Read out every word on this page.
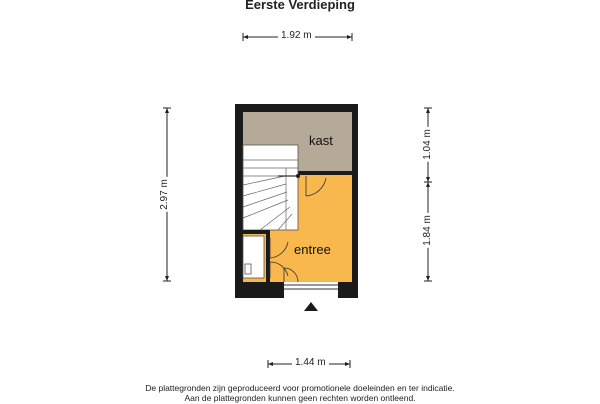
Eerste Verdieping
1.92 m
1.44 m
2.97 m
1.04 m
1.84 m
kast
entree
De plattegronden zijn geproduceerd voor promotionele doeleinden en ter indicatie.
Aan de plattegronden kunnen geen rechten worden ontleend.
